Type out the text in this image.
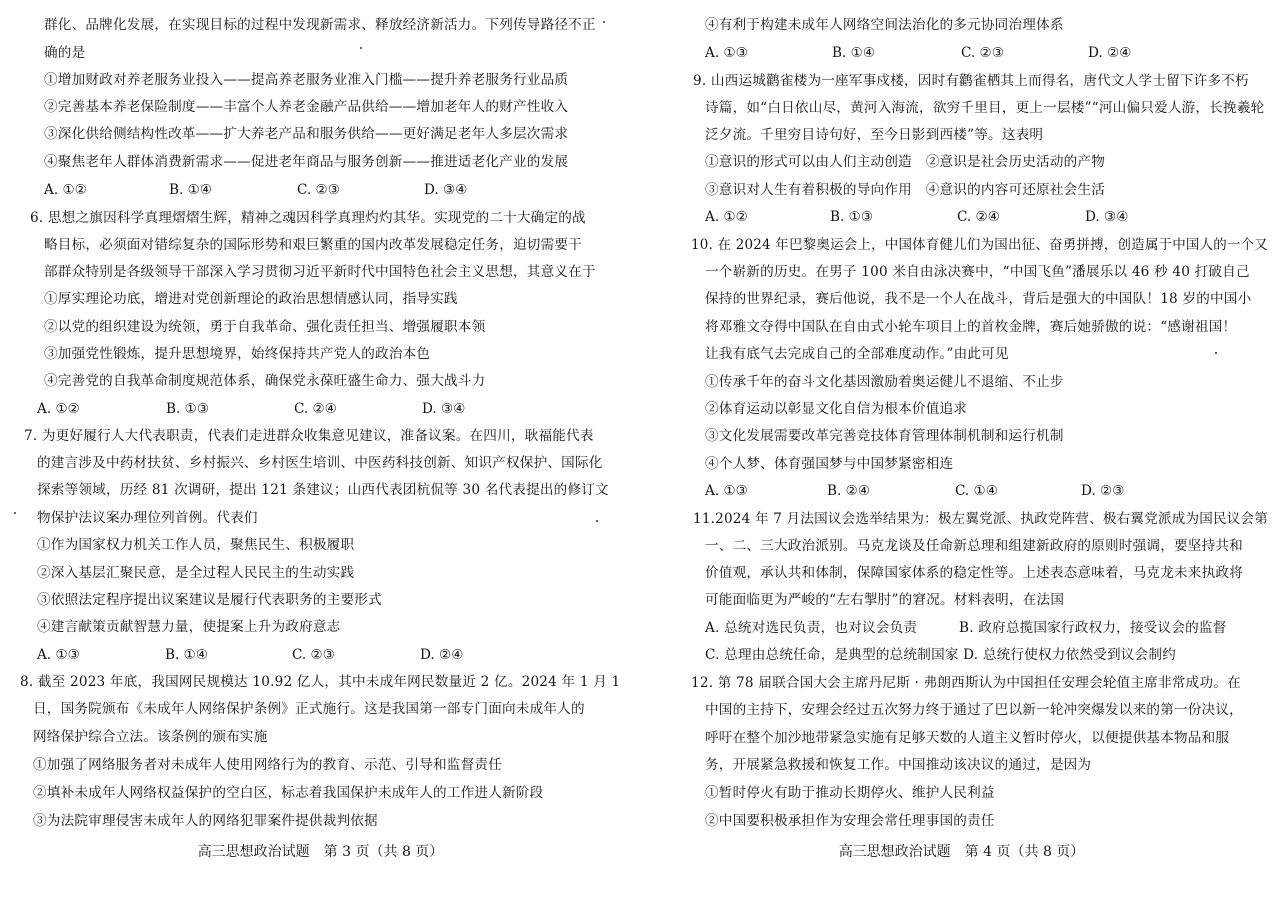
群化、品牌化发展，在实现目标的过程中发现新需求、释放经济新活力。下列传导路径不正
确的是
①增加财政对养老服务业投入——提高养老服务业准入门槛——提升养老服务行业品质
②完善基本养老保险制度——丰富个人养老金融产品供给——增加老年人的财产性收入
③深化供给侧结构性改革——扩大养老产品和服务供给——更好满足老年人多层次需求
④聚焦老年人群体消费新需求——促进老年商品与服务创新——推进适老化产业的发展
A. ①②	B. ①④	C. ②③	D. ③④
6. 思想之旗因科学真理熠熠生辉，精神之魂因科学真理灼灼其华。实现党的二十大确定的战
略目标，必须面对错综复杂的国际形势和艰巨繁重的国内改革发展稳定任务，迫切需要干
部群众特别是各级领导干部深入学习贯彻习近平新时代中国特色社会主义思想，其意义在于
①厚实理论功底，增进对党创新理论的政治思想情感认同，指导实践
②以党的组织建设为统领，勇于自我革命、强化责任担当、增强履职本领
③加强党性锻炼，提升思想境界，始终保持共产党人的政治本色
④完善党的自我革命制度规范体系，确保党永葆旺盛生命力、强大战斗力
A. ①②	B. ①③	C. ②④	D. ③④
7. 为更好履行人大代表职责，代表们走进群众收集意见建议，准备议案。在四川，耿福能代表
的建言涉及中药材扶贫、乡村振兴、乡村医生培训、中医药科技创新、知识产权保护、国际化
探索等领域，历经 81 次调研，提出 121 条建议；山西代表团杭侃等 30 名代表提出的修订文
物保护法议案办理位列首例。代表们
①作为国家权力机关工作人员，聚焦民生、积极履职
②深入基层汇聚民意，是全过程人民民主的生动实践
③依照法定程序提出议案建议是履行代表职务的主要形式
④建言献策贡献智慧力量，使提案上升为政府意志
A. ①③	B. ①④	C. ②③	D. ②④
8. 截至 2023 年底，我国网民规模达 10.92 亿人，其中未成年网民数量近 2 亿。2024 年 1 月 1
日，国务院颁布《未成年人网络保护条例》正式施行。这是我国第一部专门面向未成年人的
网络保护综合立法。该条例的颁布实施
①加强了网络服务者对未成年人使用网络行为的教育、示范、引导和监督责任
②填补未成年人网络权益保护的空白区，标志着我国保护未成年人的工作进人新阶段
③为法院审理侵害未成年人的网络犯罪案件提供裁判依据
高三思想政治试题　第 3 页（共 8 页）
④有利于构建未成年人网络空间法治化的多元协同治理体系
A. ①③	B. ①④	C. ②③	D. ②④
9. 山西运城鹳雀楼为一座军事戍楼，因时有鹳雀栖其上而得名，唐代文人学士留下许多不朽
诗篇，如“白日依山尽，黄河入海流，欲穷千里目，更上一层楼”“河山偏只爱人游，长挽羲轮
泛夕流。千里穷目诗句好，至今日影到西楼”等。这表明
①意识的形式可以由人们主动创造　②意识是社会历史活动的产物
③意识对人生有着积极的导向作用　④意识的内容可还原社会生活
A. ①②	B. ①③	C. ②④	D. ③④
10. 在 2024 年巴黎奥运会上，中国体育健儿们为国出征、奋勇拼搏，创造属于中国人的一个又
一个崭新的历史。在男子 100 米自由泳决赛中，“中国飞鱼”潘展乐以 46 秒 40 打破自己
保持的世界纪录，赛后他说，我不是一个人在战斗，背后是强大的中国队！18 岁的中国小
将邓雅文夺得中国队在自由式小轮车项目上的首枚金牌，赛后她骄傲的说：“感谢祖国！
让我有底气去完成自己的全部难度动作。”由此可见
①传承千年的奋斗文化基因激励着奥运健儿不退缩、不止步
②体育运动以彰显文化自信为根本价值追求
③文化发展需要改革完善竞技体育管理体制机制和运行机制
④个人梦、体育强国梦与中国梦紧密相连
A. ①③	B. ②④	C. ①④	D. ②③
11.2024 年 7 月法国议会选举结果为：极左翼党派、执政党阵营、极右翼党派成为国民议会第
一、二、三大政治派别。马克龙谈及任命新总理和组建新政府的原则时强调，要坚持共和
价值观，承认共和体制，保障国家体系的稳定性等。上述表态意味着，马克龙未来执政将
可能面临更为严峻的“左右掣肘”的窘况。材料表明，在法国
A. 总统对选民负责，也对议会负责	B. 政府总揽国家行政权力，接受议会的监督
C. 总理由总统任命，是典型的总统制国家 D. 总统行使权力依然受到议会制约
12. 第 78 届联合国大会主席丹尼斯 · 弗朗西斯认为中国担任安理会轮值主席非常成功。在
中国的主持下，安理会经过五次努力终于通过了巴以新一轮冲突爆发以来的第一份决议，
呼吁在整个加沙地带紧急实施有足够天数的人道主义暂时停火，以便提供基本物品和服
务，开展紧急救援和恢复工作。中国推动该决议的通过，是因为
①暂时停火有助于推动长期停火、维护人民利益
②中国要积极承担作为安理会常任理事国的责任
高三思想政治试题　第 4 页（共 8 页）
